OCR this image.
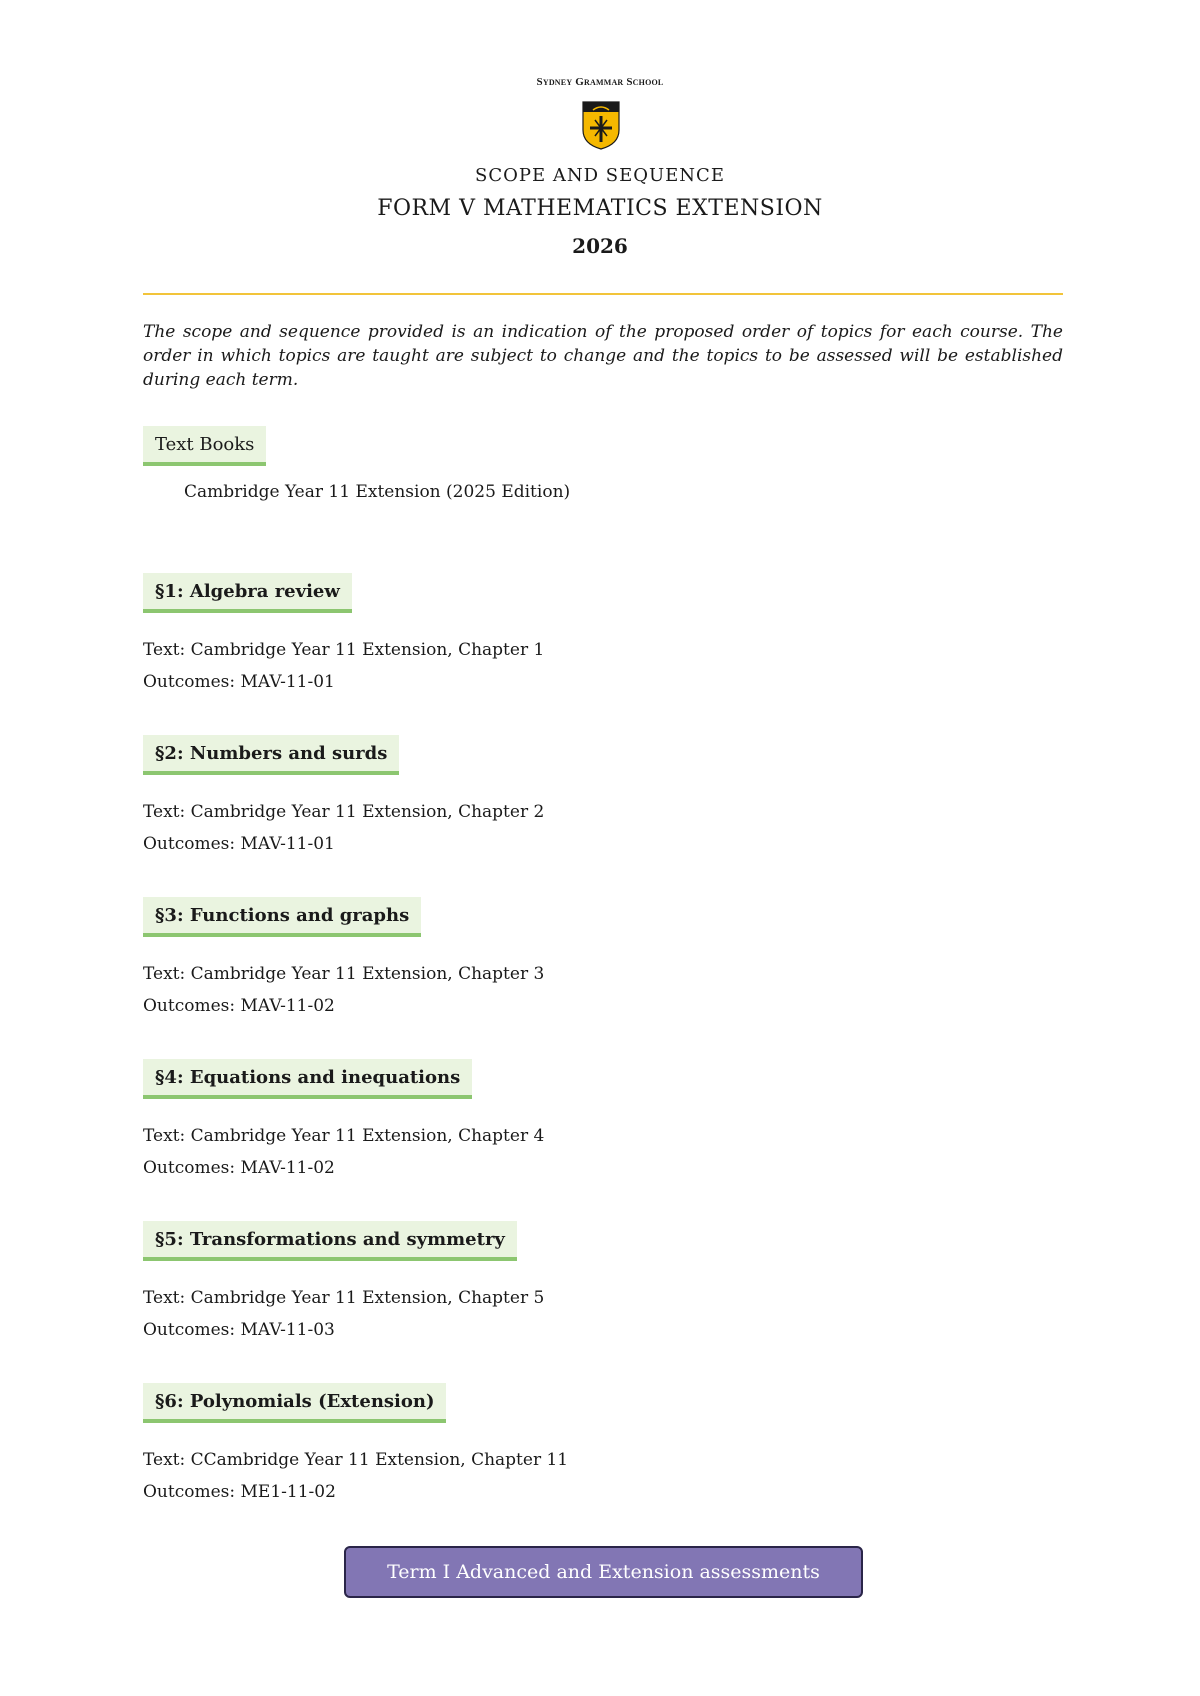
Sydney Grammar School
SCOPE AND SEQUENCE
FORM V MATHEMATICS EXTENSION
2026
The scope and sequence provided is an indication of the proposed order of topics for each course. The order in which topics are taught are subject to change and the topics to be assessed will be established during each term.
Text Books
Cambridge Year 11 Extension (2025 Edition)
§1: Algebra review
Text: Cambridge Year 11 Extension, Chapter 1
Outcomes: MAV-11-01
§2: Numbers and surds
Text: Cambridge Year 11 Extension, Chapter 2
Outcomes: MAV-11-01
§3: Functions and graphs
Text: Cambridge Year 11 Extension, Chapter 3
Outcomes: MAV-11-02
§4: Equations and inequations
Text: Cambridge Year 11 Extension, Chapter 4
Outcomes: MAV-11-02
§5: Transformations and symmetry
Text: Cambridge Year 11 Extension, Chapter 5
Outcomes: MAV-11-03
§6: Polynomials (Extension)
Text: CCambridge Year 11 Extension, Chapter 11
Outcomes: ME1-11-02
Term I Advanced and Extension assessments
